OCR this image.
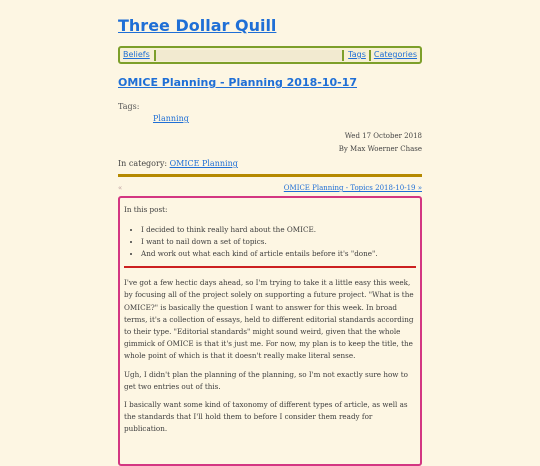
Three Dollar Quill
Beliefs	Tags Categories
OMICE Planning - Planning 2018-10-17
Tags:
Planning
Wed 17 October 2018
By Max Woerner Chase
In category: OMICE Planning
«	OMICE Planning - Topics 2018-10-19 »

In this post:

• I decided to think really hard about the OMICE.
• I want to nail down a set of topics.
• And work out what each kind of article entails before it's "done".

I've got a few hectic days ahead, so I'm trying to take it a little easy this week, by focusing all of the project solely on supporting a future project. "What is the OMICE?" is basically the question I want to answer for this week. In broad terms, it's a collection of essays, held to different editorial standards according to their type. "Editorial standards" might sound weird, given that the whole gimmick of OMICE is that it's just me. For now, my plan is to keep the title, the whole point of which is that it doesn't really make literal sense.

Ugh, I didn't plan the planning of the planning, so I'm not exactly sure how to get two entries out of this.

I basically want some kind of taxonomy of different types of article, as well as the standards that I'll hold them to before I consider them ready for publication.
